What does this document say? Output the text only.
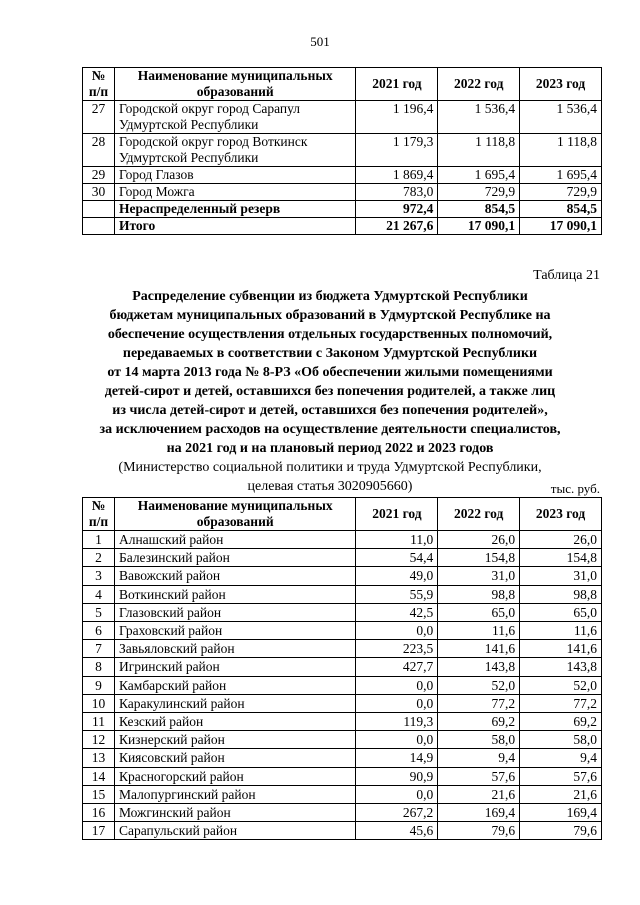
501
№ п/п	Наименование муниципальных образований	2021 год	2022 год	2023 год
27	Городской округ город Сарапул Удмуртской Республики	1 196,4	1 536,4	1 536,4
28	Городской округ город Воткинск Удмуртской Республики	1 179,3	1 118,8	1 118,8
29	Город Глазов	1 869,4	1 695,4	1 695,4
30	Город Можга	783,0	729,9	729,9
	Нераспределенный резерв	972,4	854,5	854,5
	Итого	21 267,6	17 090,1	17 090,1
Таблица 21
Распределение субвенции из бюджета Удмуртской Республики
бюджетам муниципальных образований в Удмуртской Республике на
обеспечение осуществления отдельных государственных полномочий,
передаваемых в соответствии с Законом Удмуртской Республики
от 14 марта 2013 года № 8-РЗ «Об обеспечении жилыми помещениями
детей-сирот и детей, оставшихся без попечения родителей, а также лиц
из числа детей-сирот и детей, оставшихся без попечения родителей»,
за исключением расходов на осуществление деятельности специалистов,
на 2021 год и на плановый период 2022 и 2023 годов
(Министерство социальной политики и труда Удмуртской Республики,
целевая статья 3020905660)	тыс. руб.
№ п/п	Наименование муниципальных образований	2021 год	2022 год	2023 год
1	Алнашский район	11,0	26,0	26,0
2	Балезинский район	54,4	154,8	154,8
3	Вавожский район	49,0	31,0	31,0
4	Воткинский район	55,9	98,8	98,8
5	Глазовский район	42,5	65,0	65,0
6	Граховский район	0,0	11,6	11,6
7	Завьяловский район	223,5	141,6	141,6
8	Игринский район	427,7	143,8	143,8
9	Камбарский район	0,0	52,0	52,0
10	Каракулинский район	0,0	77,2	77,2
11	Кезский район	119,3	69,2	69,2
12	Кизнерский район	0,0	58,0	58,0
13	Киясовский район	14,9	9,4	9,4
14	Красногорский район	90,9	57,6	57,6
15	Малопургинский район	0,0	21,6	21,6
16	Можгинский район	267,2	169,4	169,4
17	Сарапульский район	45,6	79,6	79,6
